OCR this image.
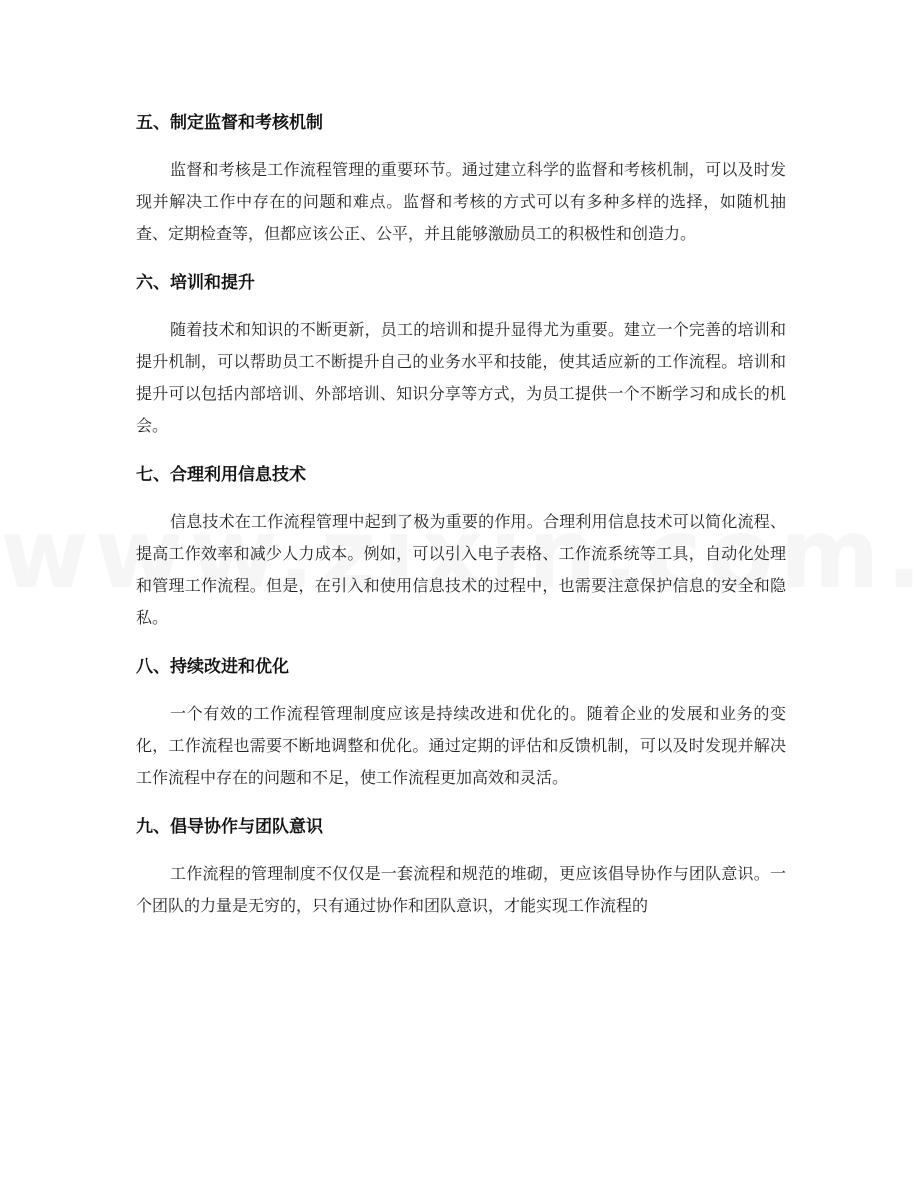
五、制定监督和考核机制

监督和考核是工作流程管理的重要环节。通过建立科学的监督和考核机制，可以及时发现并解决工作中存在的问题和难点。监督和考核的方式可以有多种多样的选择，如随机抽查、定期检查等，但都应该公正、公平，并且能够激励员工的积极性和创造力。

六、培训和提升

随着技术和知识的不断更新，员工的培训和提升显得尤为重要。建立一个完善的培训和提升机制，可以帮助员工不断提升自己的业务水平和技能，使其适应新的工作流程。培训和提升可以包括内部培训、外部培训、知识分享等方式，为员工提供一个不断学习和成长的机会。

七、合理利用信息技术

信息技术在工作流程管理中起到了极为重要的作用。合理利用信息技术可以简化流程、提高工作效率和减少人力成本。例如，可以引入电子表格、工作流系统等工具，自动化处理和管理工作流程。但是，在引入和使用信息技术的过程中，也需要注意保护信息的安全和隐私。

八、持续改进和优化

一个有效的工作流程管理制度应该是持续改进和优化的。随着企业的发展和业务的变化，工作流程也需要不断地调整和优化。通过定期的评估和反馈机制，可以及时发现并解决工作流程中存在的问题和不足，使工作流程更加高效和灵活。

九、倡导协作与团队意识

工作流程的管理制度不仅仅是一套流程和规范的堆砌，更应该倡导协作与团队意识。一个团队的力量是无穷的，只有通过协作和团队意识，才能实现工作流程的
